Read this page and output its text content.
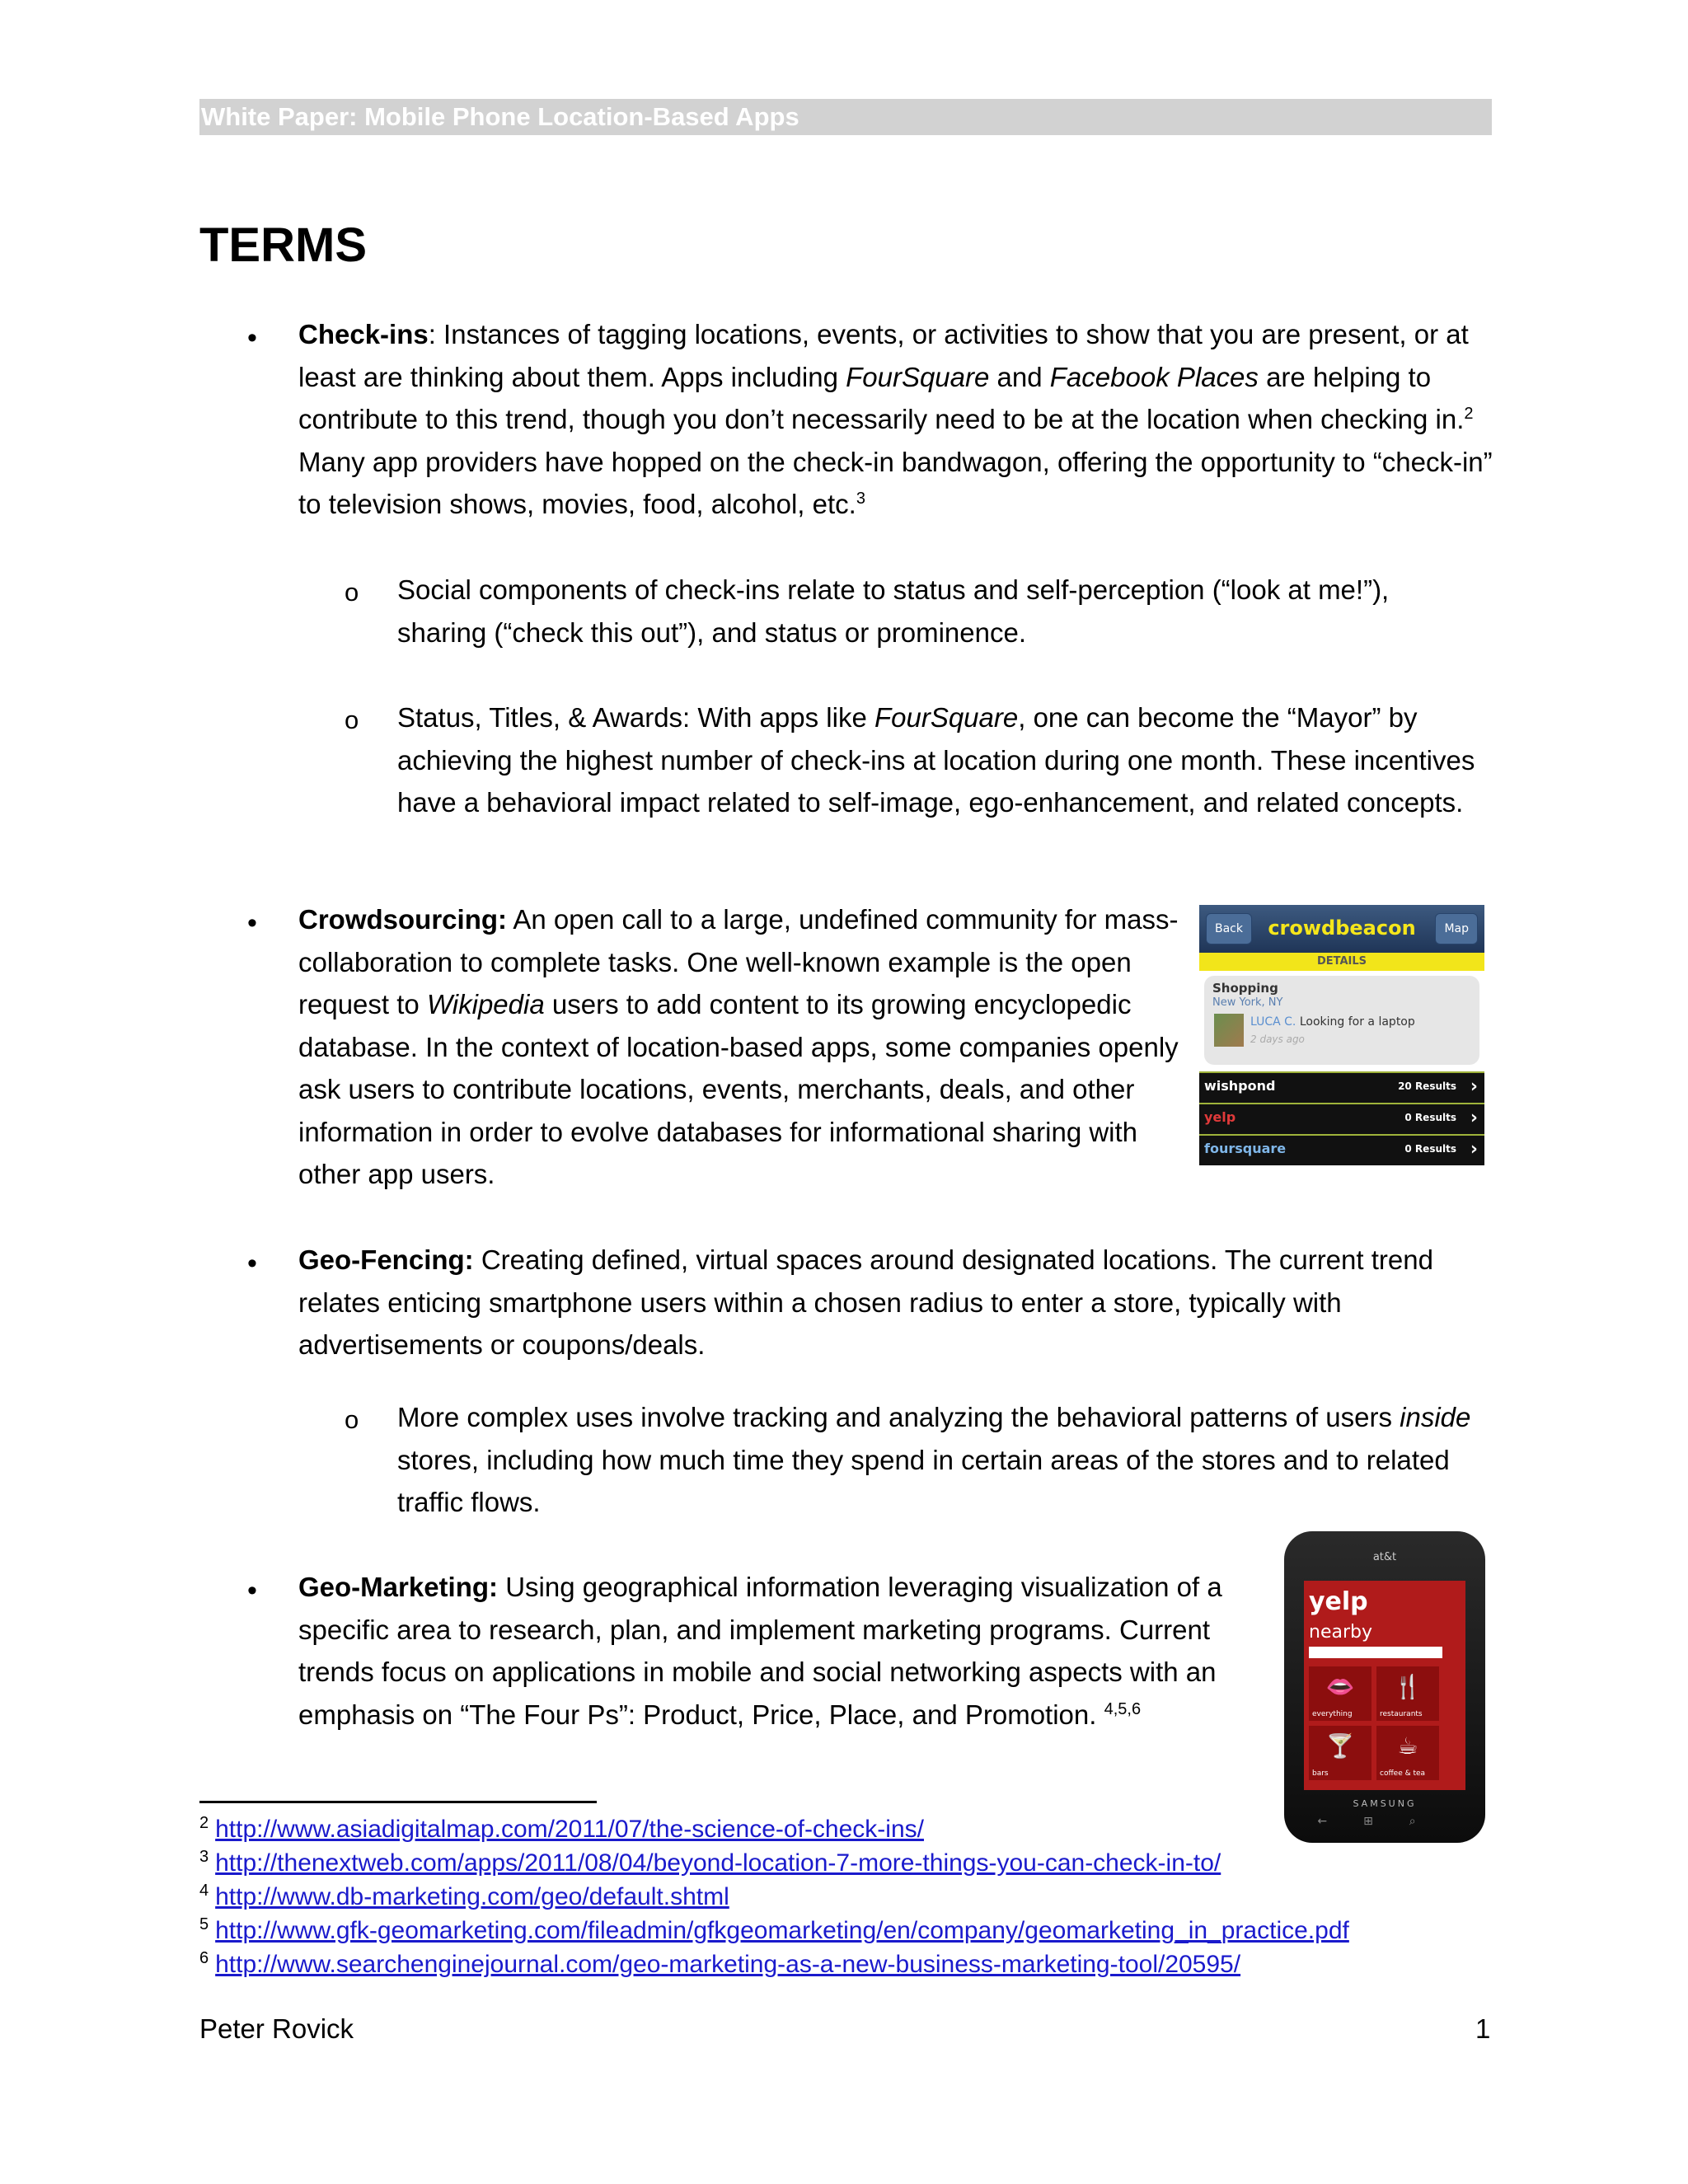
White Paper: Mobile Phone Location-Based Apps
TERMS
• Check-ins: Instances of tagging locations, events, or activities to show that you are present, or at least are thinking about them. Apps including FourSquare and Facebook Places are helping to contribute to this trend, though you don’t necessarily need to be at the location when checking in.$^2$ Many app providers have hopped on the check-in bandwagon, offering the opportunity to “check-in” to television shows, movies, food, alcohol, etc.$^3$

o Social components of check-ins relate to status and self-perception (“look at me!”), sharing (“check this out”), and status or prominence.

o Status, Titles, & Awards: With apps like FourSquare, one can become the “Mayor” by achieving the highest number of check-ins at location during one month. These incentives have a behavioral impact related to self-image, ego-enhancement, and related concepts.

• Crowdsourcing: An open call to a large, undefined community for mass-collaboration to complete tasks. One well-known example is the open request to Wikipedia users to add content to its growing encyclopedic database. In the context of location-based apps, some companies openly ask users to contribute locations, events, merchants, deals, and other information in order to evolve databases for informational sharing with other app users.

crowdbeacon
Back	Map
DETAILS
Shopping
New York, NY
LUCA C. Looking for a laptop
2 days ago
wishpond	20 Results ›
yelp	0 Results ›
foursquare	0 Results ›
• Geo-Fencing: Creating defined, virtual spaces around designated locations. The current trend relates enticing smartphone users within a chosen radius to enter a store, typically with advertisements or coupons/deals.

o More complex uses involve tracking and analyzing the behavioral patterns of users inside stores, including how much time they spend in certain areas of the stores and to related traffic flows.

• Geo-Marketing: Using geographical information leveraging visualization of a specific area to research, plan, and implement marketing programs. Current trends focus on applications in mobile and social networking aspects with an emphasis on “The Four Ps”: Product, Price, Place, and Promotion. $^{4,5,6}$

at&t
yelp
nearby
👄
everything
🍴
restaurants
🍸
bars
☕
coffee & tea
SAMSUNG
←⊞⌕
$^2$ http://www.asiadigitalmap.com/2011/07/the-science-of-check-ins/
$^3$ http://thenextweb.com/apps/2011/08/04/beyond-location-7-more-things-you-can-check-in-to/
$^4$ http://www.db-marketing.com/geo/default.shtml
$^5$ http://www.gfk-geomarketing.com/fileadmin/gfkgeomarketing/en/company/geomarketing_in_practice.pdf
$^6$ http://www.searchenginejournal.com/geo-marketing-as-a-new-business-marketing-tool/20595/
Peter Rovick	1
